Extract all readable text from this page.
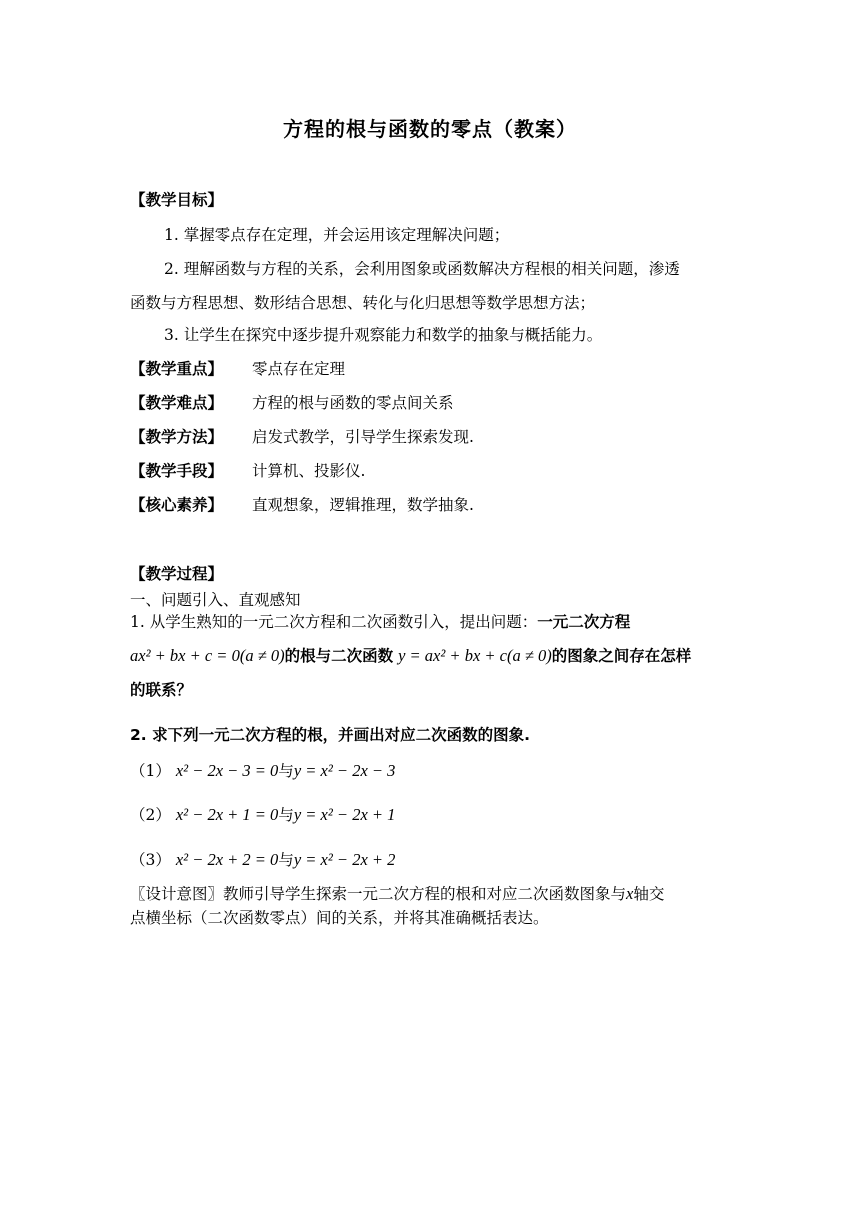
方程的根与函数的零点（教案）
【教学目标】
1. 掌握零点存在定理，并会运用该定理解决问题；
2. 理解函数与方程的关系，会利用图象或函数解决方程根的相关问题，渗透
函数与方程思想、数形结合思想、转化与化归思想等数学思想方法；
3. 让学生在探究中逐步提升观察能力和数学的抽象与概括能力。
【教学重点】 零点存在定理
【教学难点】 方程的根与函数的零点间关系
【教学方法】 启发式教学，引导学生探索发现.
【教学手段】 计算机、投影仪.
【核心素养】 直观想象，逻辑推理，数学抽象.
【教学过程】
一、问题引入、直观感知
1. 从学生熟知的一元二次方程和二次函数引入，提出问题：一元二次方程
ax² + bx + c = 0(a ≠ 0)的根与二次函数 y = ax² + bx + c(a ≠ 0)的图象之间存在怎样
的联系？
2. 求下列一元二次方程的根，并画出对应二次函数的图象.
（1） x² − 2x − 3 = 0与y = x² − 2x − 3
（2） x² − 2x + 1 = 0与y = x² − 2x + 1
（3） x² − 2x + 2 = 0与y = x² − 2x + 2
〖设计意图〗教师引导学生探索一元二次方程的根和对应二次函数图象与x轴交
点横坐标（二次函数零点）间的关系，并将其准确概括表达。
